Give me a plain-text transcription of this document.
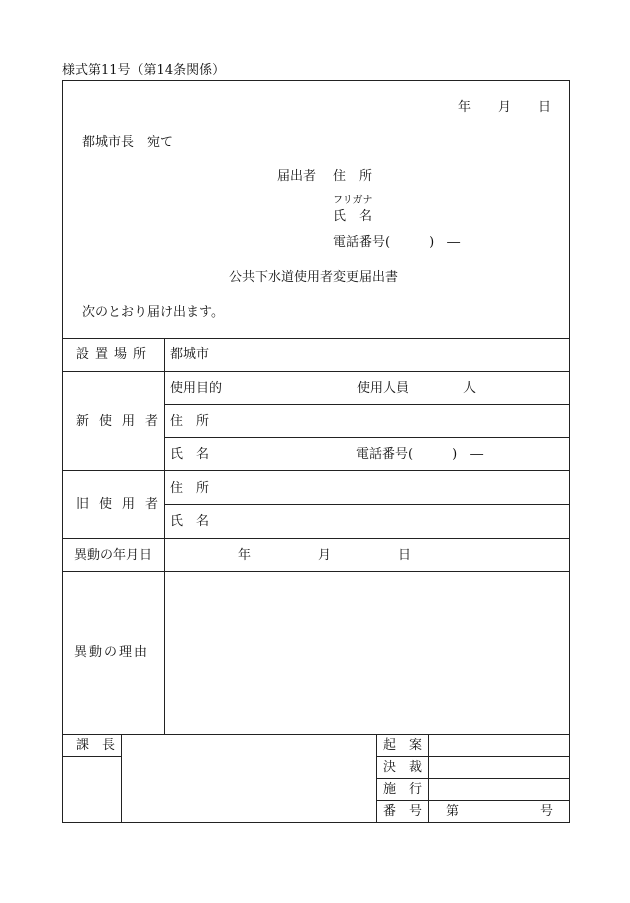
様式第11号（第14条関係）
年 月 日
都城市長　宛て
届出者 住　所
フリガナ
氏　名
電話番号(　　　)　―
公共下水道使用者変更届出書
次のとおり届け出ます。
設置場所 都城市
新使用者
使用目的	使用人員	人
住　所
氏　名	電話番号(　　　)　―
旧使用者
住　所
氏　名
異動の年月日	年	月	日
異動の理由
課　長	起　案
決　裁
施　行
番　号 第	号
